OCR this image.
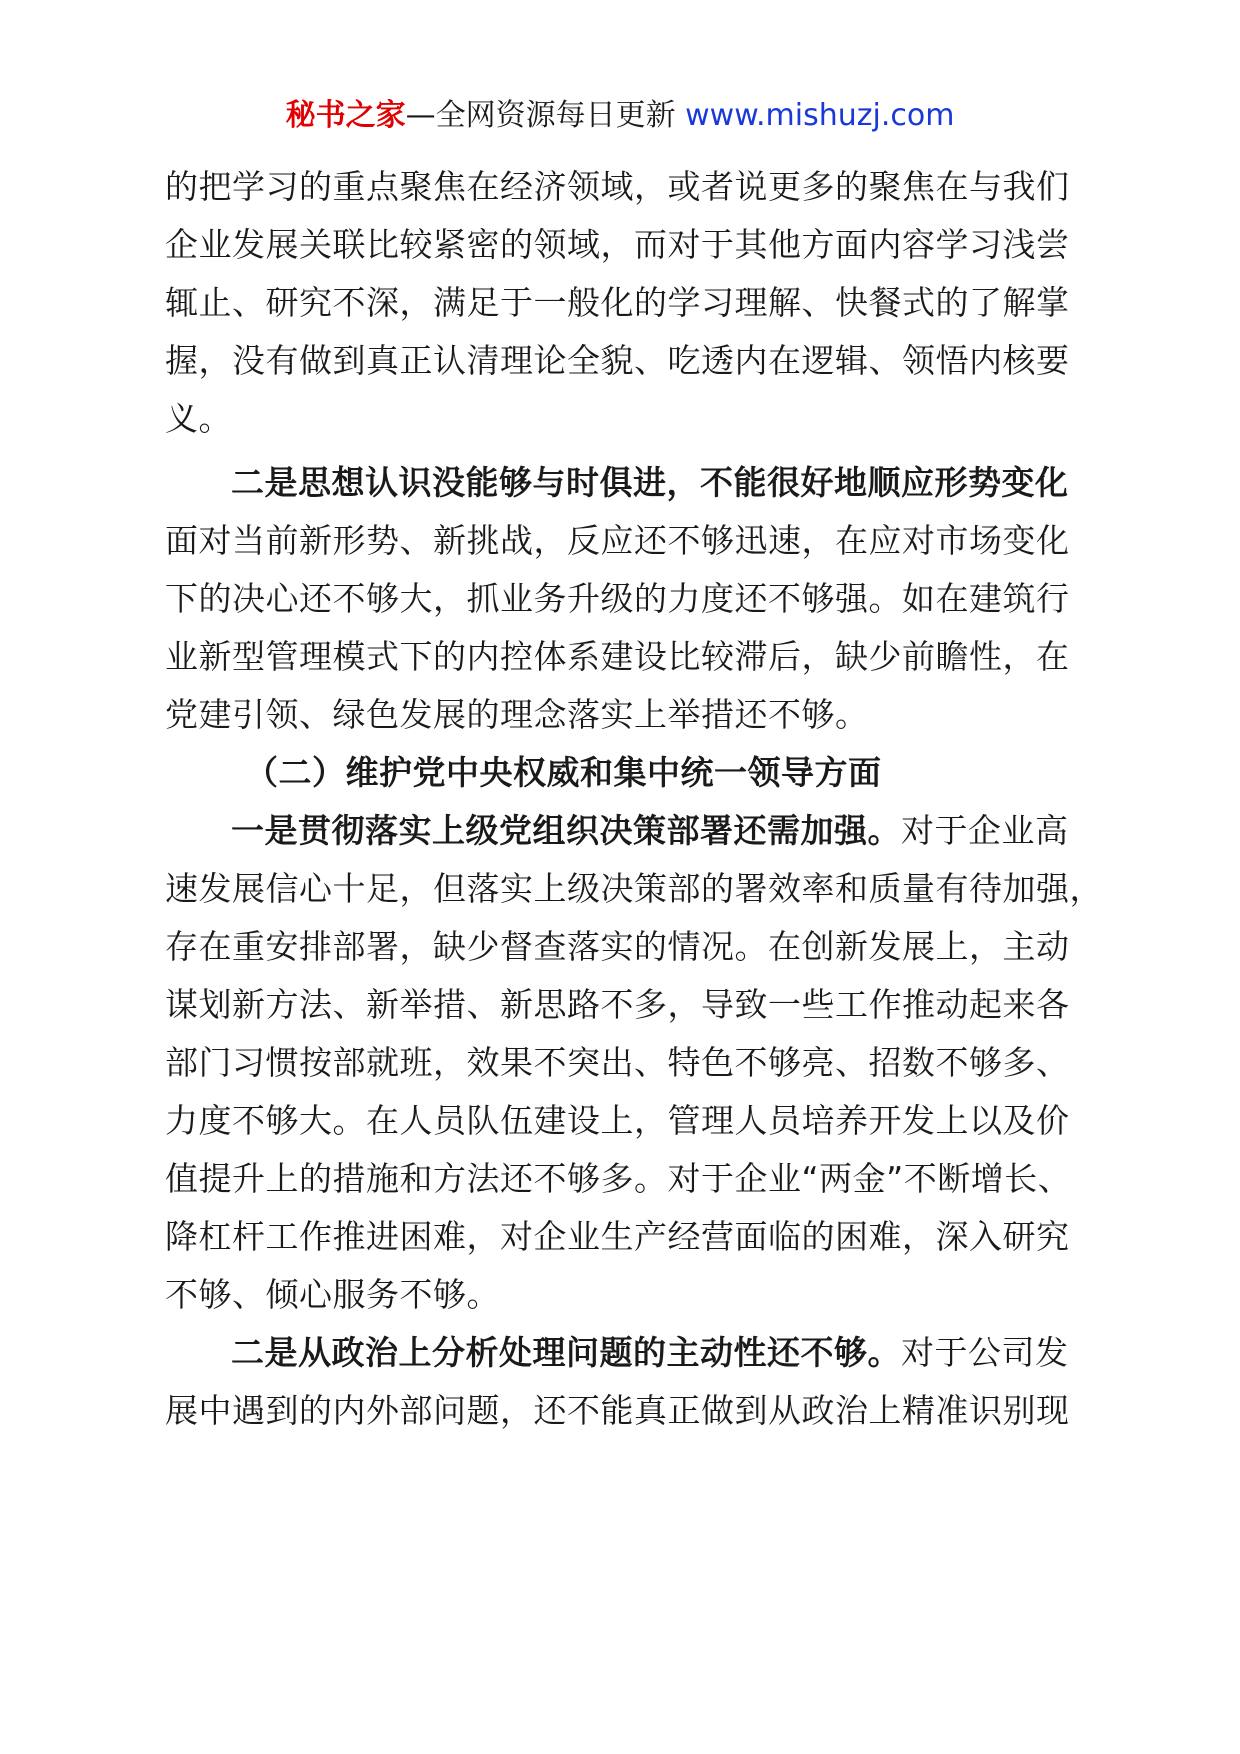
秘书之家—全网资源每日更新 www.mishuzj.com
的把学习的重点聚焦在经济领域，或者说更多的聚焦在与我们
企业发展关联比较紧密的领域，而对于其他方面内容学习浅尝
辄止、研究不深，满足于一般化的学习理解、快餐式的了解掌
握，没有做到真正认清理论全貌、吃透内在逻辑、领悟内核要
义。
二是思想认识没能够与时俱进，不能很好地顺应形势变化
面对当前新形势、新挑战，反应还不够迅速，在应对市场变化
下的决心还不够大，抓业务升级的力度还不够强。如在建筑行
业新型管理模式下的内控体系建设比较滞后，缺少前瞻性，在
党建引领、绿色发展的理念落实上举措还不够。
（二）维护党中央权威和集中统一领导方面
一是贯彻落实上级党组织决策部署还需加强。对于企业高
速发展信心十足，但落实上级决策部的署效率和质量有待加强，
存在重安排部署，缺少督查落实的情况。在创新发展上，主动
谋划新方法、新举措、新思路不多，导致一些工作推动起来各
部门习惯按部就班，效果不突出、特色不够亮、招数不够多、
力度不够大。在人员队伍建设上，管理人员培养开发上以及价
值提升上的措施和方法还不够多。对于企业“两金”不断增长、
降杠杆工作推进困难，对企业生产经营面临的困难，深入研究
不够、倾心服务不够。
二是从政治上分析处理问题的主动性还不够。对于公司发
展中遇到的内外部问题，还不能真正做到从政治上精准识别现
